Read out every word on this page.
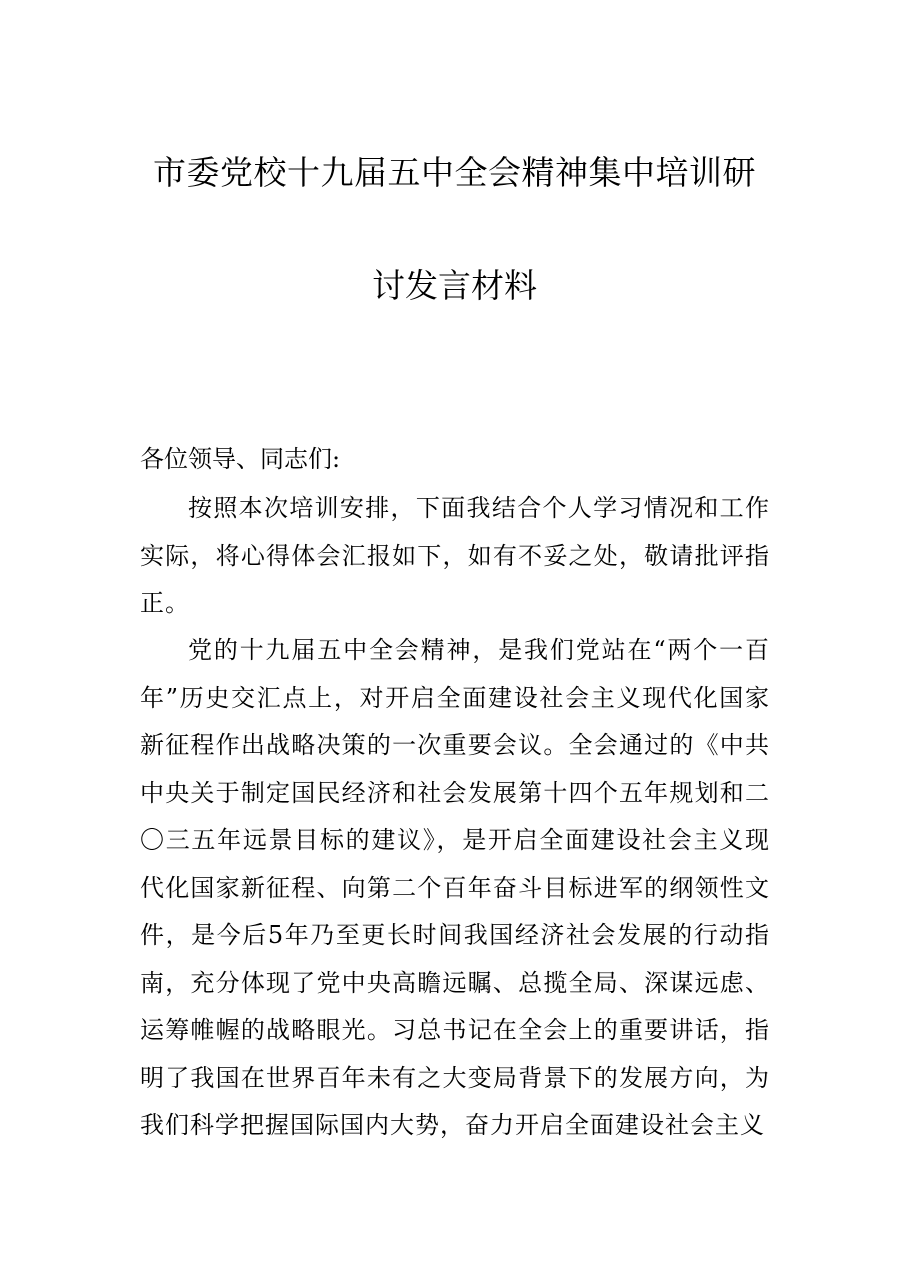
市委党校十九届五中全会精神集中培训研
讨发言材料
各位领导、同志们:

按照本次培训安排，下面我结合个人学习情况和工作实际，将心得体会汇报如下，如有不妥之处，敬请批评指正。

党的十九届五中全会精神，是我们党站在“两个一百年”历史交汇点上，对开启全面建设社会主义现代化国家新征程作出战略决策的一次重要会议。全会通过的《中共中央关于制定国民经济和社会发展第十四个五年规划和二〇三五年远景目标的建议》，是开启全面建设社会主义现代化国家新征程、向第二个百年奋斗目标进军的纲领性文件，是今后5年乃至更长时间我国经济社会发展的行动指南，充分体现了党中央高瞻远瞩、总揽全局、深谋远虑、运筹帷幄的战略眼光。习总书记在全会上的重要讲话，指明了我国在世界百年未有之大变局背景下的发展方向，为我们科学把握国际国内大势，奋力开启全面建设社会主义
